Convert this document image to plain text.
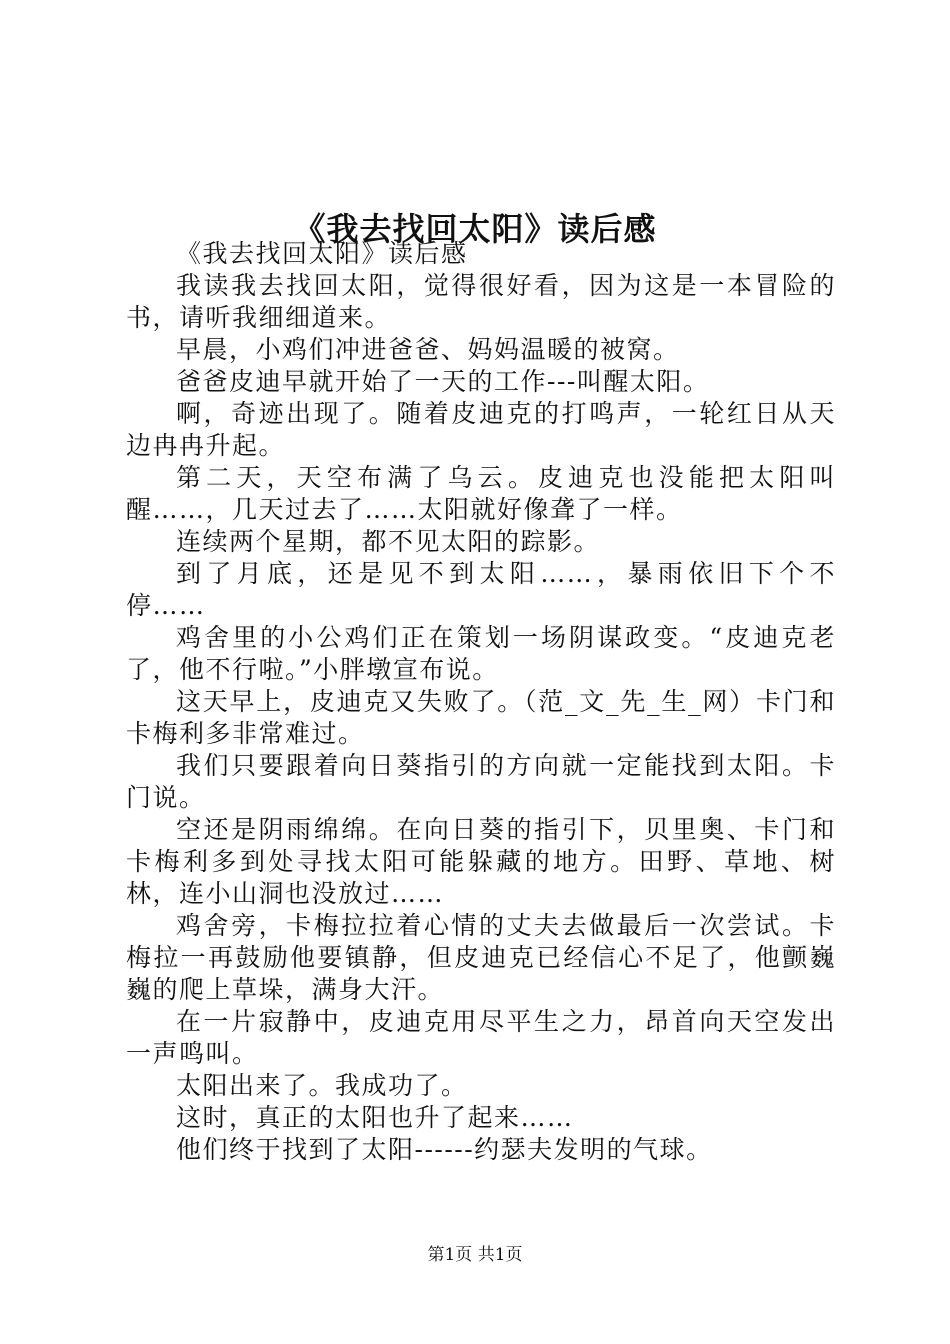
《我去找回太阳》读后感

《我去找回太阳》读后感

我读我去找回太阳，觉得很好看，因为这是一本冒险的书，请听我细细道来。

早晨，小鸡们冲进爸爸、妈妈温暖的被窝。

爸爸皮迪早就开始了一天的工作---叫醒太阳。

啊，奇迹出现了。随着皮迪克的打鸣声，一轮红日从天边冉冉升起。

第二天，天空布满了乌云。皮迪克也没能把太阳叫醒……，几天过去了……太阳就好像聋了一样。

连续两个星期，都不见太阳的踪影。

到了月底，还是见不到太阳……，暴雨依旧下个不停……

鸡舍里的小公鸡们正在策划一场阴谋政变。“皮迪克老了，他不行啦。”小胖墩宣布说。

这天早上，皮迪克又失败了。（范_文_先_生_网）卡门和卡梅利多非常难过。

我们只要跟着向日葵指引的方向就一定能找到太阳。卡门说。

空还是阴雨绵绵。在向日葵的指引下，贝里奥、卡门和卡梅利多到处寻找太阳可能躲藏的地方。田野、草地、树林，连小山洞也没放过……

鸡舍旁，卡梅拉拉着心情的丈夫去做最后一次尝试。卡梅拉一再鼓励他要镇静，但皮迪克已经信心不足了，他颤巍巍的爬上草垛，满身大汗。

在一片寂静中，皮迪克用尽平生之力，昂首向天空发出一声鸣叫。

太阳出来了。我成功了。

这时，真正的太阳也升了起来……

他们终于找到了太阳------约瑟夫发明的气球。

第1页 共1页
